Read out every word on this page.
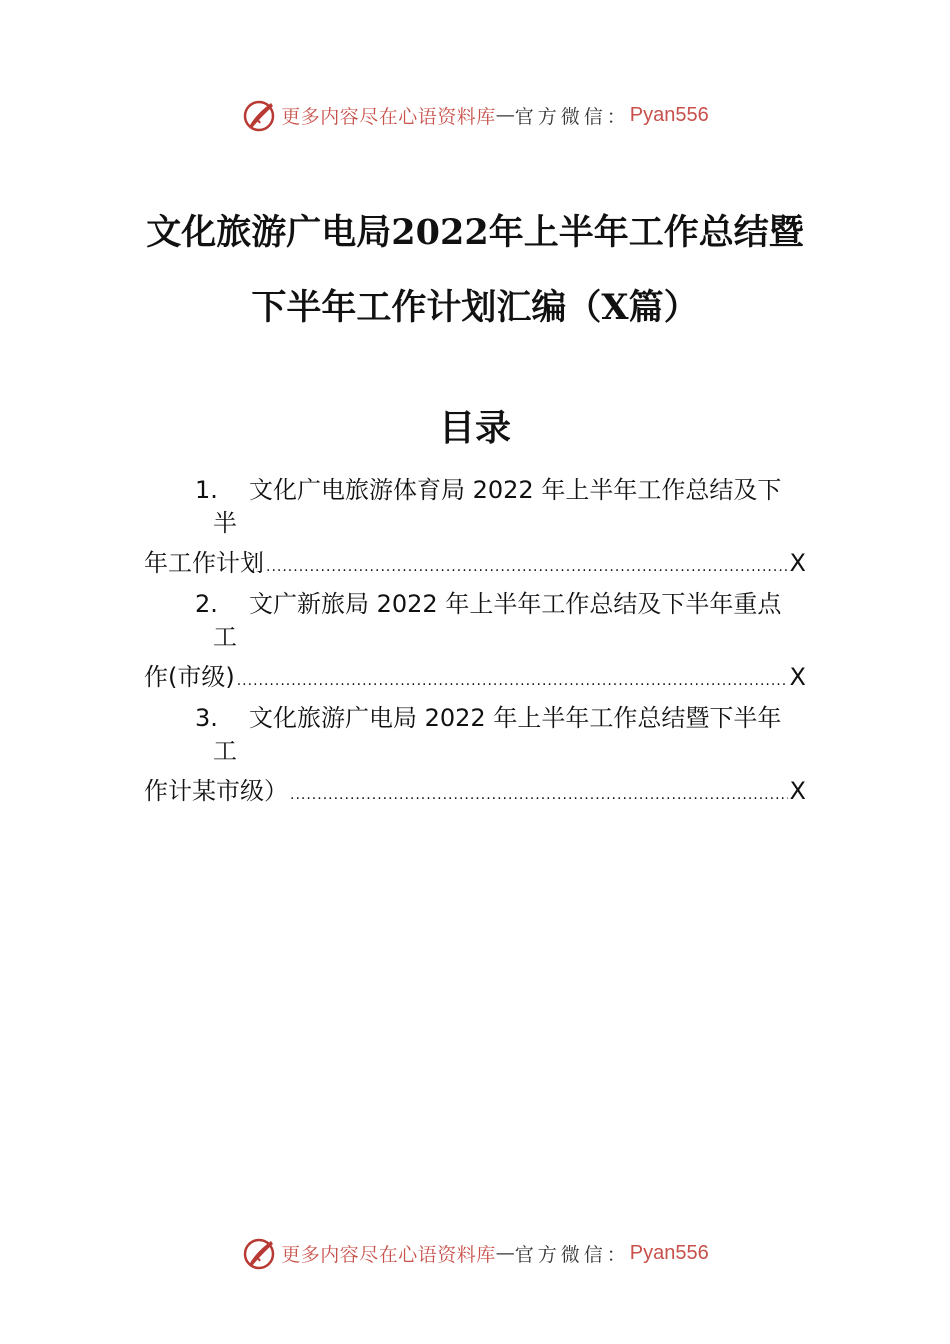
更多内容尽在心语资料库 — 官方微信： Pyan556
文化旅游广电局2022年上半年工作总结暨
下半年工作计划汇编（X篇）
目录
1. 文化广电旅游体育局 2022 年上半年工作总结及下
半
年工作计划 .....	X
2. 文广新旅局 2022 年上半年工作总结及下半年重点
工
作(市级) .....	X
3. 文化旅游广电局 2022 年上半年工作总结暨下半年
工
作计某市级） .....	X
更多内容尽在心语资料库 — 官方微信： Pyan556
